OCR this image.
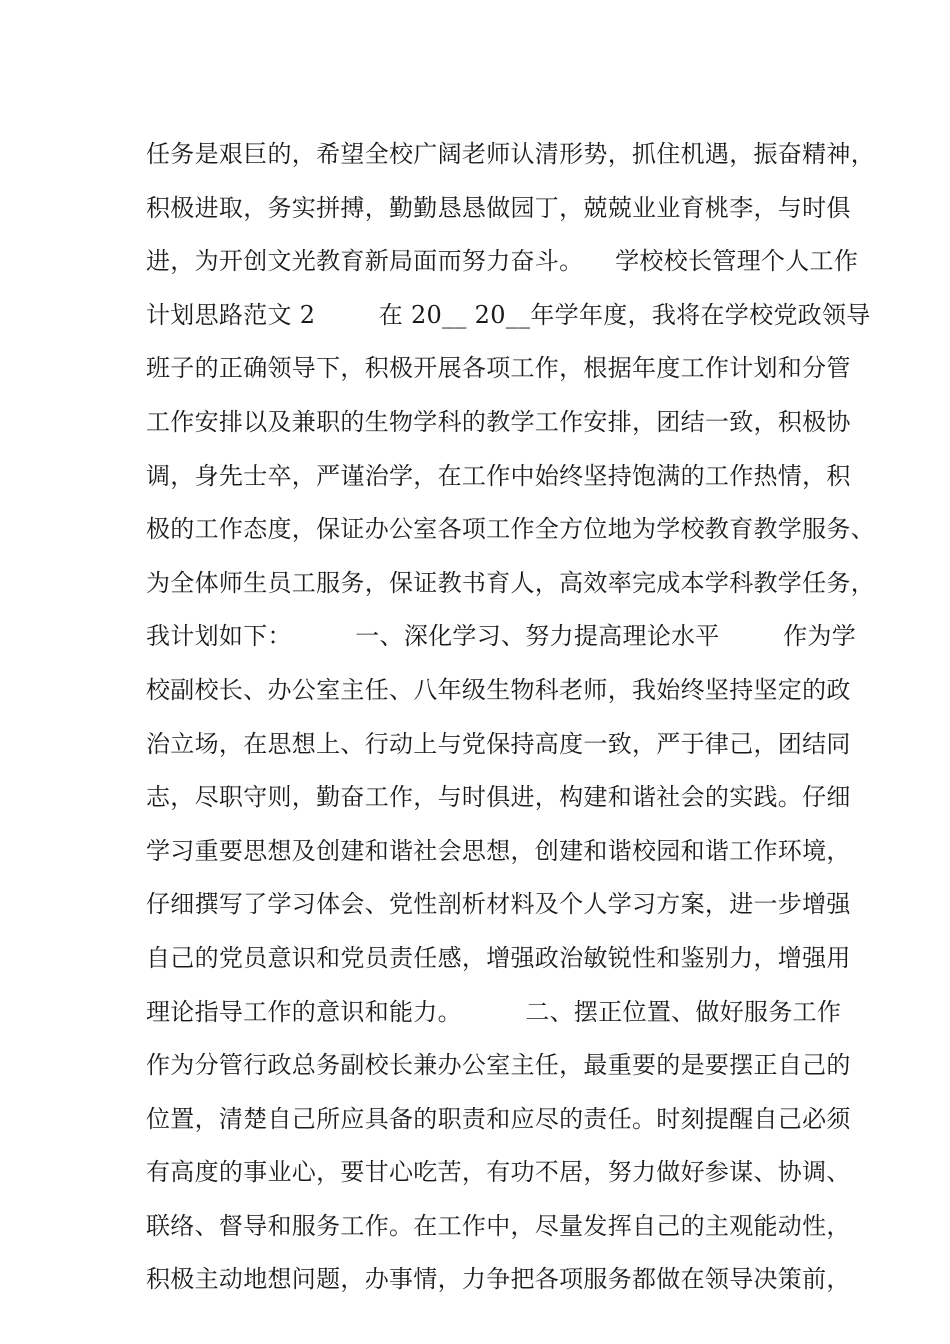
任务是艰巨的，希望全校广阔老师认清形势，抓住机遇，振奋精神，
积极进取，务实拼搏，勤勤恳恳做园丁，兢兢业业育桃李，与时俱
进，为开创文光教育新局面而努力奋斗。    学校校长管理个人工作
计划思路范文 2        在 20__ 20__年学年度，我将在学校党政领导
班子的正确领导下，积极开展各项工作，根据年度工作计划和分管
工作安排以及兼职的生物学科的教学工作安排，团结一致，积极协
调，身先士卒，严谨治学，在工作中始终坚持饱满的工作热情，积
极的工作态度，保证办公室各项工作全方位地为学校教育教学服务、
为全体师生员工服务，保证教书育人，高效率完成本学科教学任务，
我计划如下：        一、深化学习、努力提高理论水平        作为学
校副校长、办公室主任、八年级生物科老师，我始终坚持坚定的政
治立场，在思想上、行动上与党保持高度一致，严于律己，团结同
志，尽职守则，勤奋工作，与时俱进，构建和谐社会的实践。仔细
学习重要思想及创建和谐社会思想，创建和谐校园和谐工作环境，
仔细撰写了学习体会、党性剖析材料及个人学习方案，进一步增强
自己的党员意识和党员责任感，增强政治敏锐性和鉴别力，增强用
理论指导工作的意识和能力。        二、摆正位置、做好服务工作
作为分管行政总务副校长兼办公室主任，最重要的是要摆正自己的
位置，清楚自己所应具备的职责和应尽的责任。时刻提醒自己必须
有高度的事业心，要甘心吃苦，有功不居，努力做好参谋、协调、
联络、督导和服务工作。在工作中，尽量发挥自己的主观能动性，
积极主动地想问题，办事情，力争把各项服务都做在领导决策前，
